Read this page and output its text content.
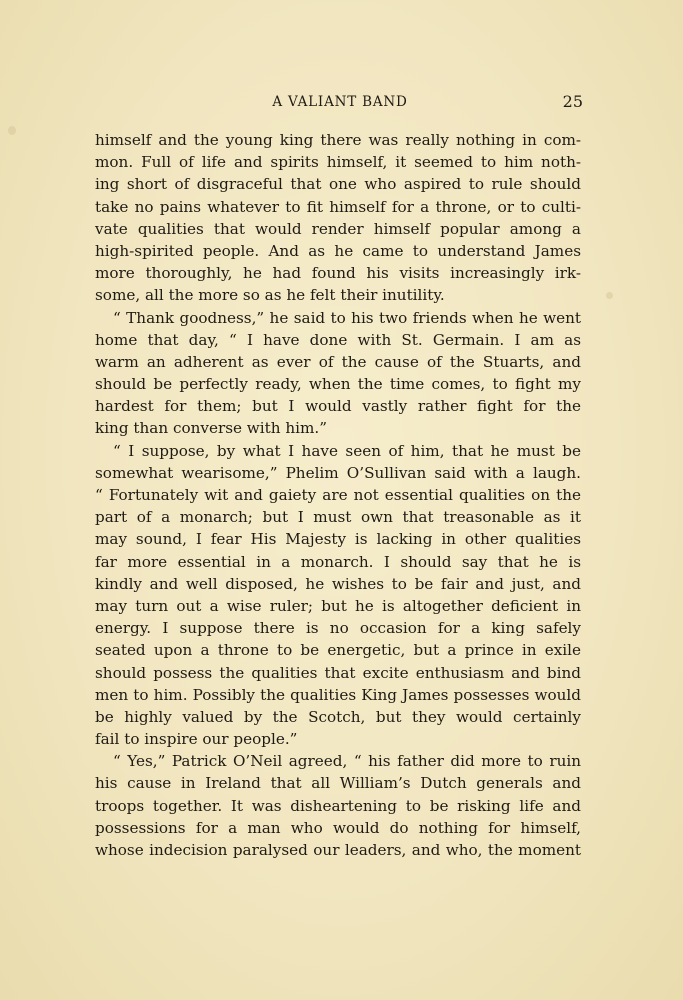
A VALIANT BAND	25
himself and the young king there was really nothing in com-
mon. Full of life and spirits himself, it seemed to him noth-
ing short of disgraceful that one who aspired to rule should
take no pains whatever to fit himself for a throne, or to culti-
vate qualities that would render himself popular among a
high-spirited people. And as he came to understand James
more thoroughly, he had found his visits increasingly irk-
some, all the more so as he felt their inutility.
“ Thank goodness,” he said to his two friends when he went
home that day, “ I have done with St. Germain. I am as
warm an adherent as ever of the cause of the Stuarts, and
should be perfectly ready, when the time comes, to fight my
hardest for them; but I would vastly rather fight for the
king than converse with him.”
“ I suppose, by what I have seen of him, that he must be
somewhat wearisome,” Phelim O’Sullivan said with a laugh.
“ Fortunately wit and gaiety are not essential qualities on the
part of a monarch; but I must own that treasonable as it
may sound, I fear His Majesty is lacking in other qualities
far more essential in a monarch. I should say that he is
kindly and well disposed, he wishes to be fair and just, and
may turn out a wise ruler; but he is altogether deficient in
energy. I suppose there is no occasion for a king safely
seated upon a throne to be energetic, but a prince in exile
should possess the qualities that excite enthusiasm and bind
men to him. Possibly the qualities King James possesses would
be highly valued by the Scotch, but they would certainly
fail to inspire our people.”
“ Yes,” Patrick O’Neil agreed, “ his father did more to ruin
his cause in Ireland that all William’s Dutch generals and
troops together. It was disheartening to be risking life and
possessions for a man who would do nothing for himself,
whose indecision paralysed our leaders, and who, the moment
